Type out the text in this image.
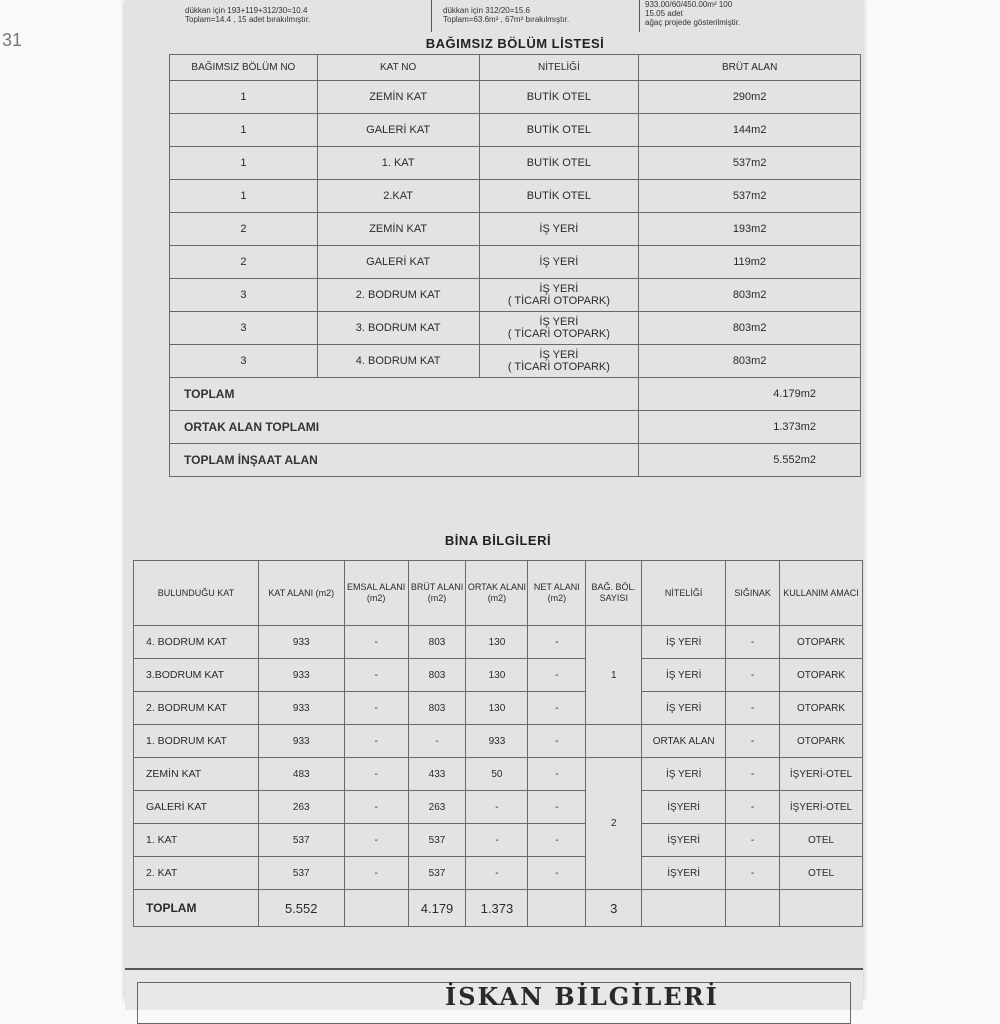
31
dükkan için 193+119+312/30=10.4
Toplam=14.4 , 15 adet bırakılmıştır.
dükkan için 312/20=15.6
Toplam=63.6m² , 67m² bırakılmıştır.
933.00/60/450.00m² 100
15.05 adet
ağaç projede gösterilmiştir.
BAĞIMSIZ BÖLÜM LİSTESİ
BAĞIMSIZ BÖLÜM NO	KAT NO	NİTELİĞİ	BRÜT ALAN
1	ZEMİN KAT	BUTİK OTEL	290m2
1	GALERİ KAT	BUTİK OTEL	144m2
1	1. KAT	BUTİK OTEL	537m2
1	2.KAT	BUTİK OTEL	537m2
2	ZEMİN KAT	İŞ YERİ	193m2
2	GALERİ KAT	İŞ YERİ	119m2
3	2. BODRUM KAT	İŞ YERİ
( TİCARİ OTOPARK)	803m2
3	3. BODRUM KAT	İŞ YERİ
( TİCARİ OTOPARK)	803m2
3	4. BODRUM KAT	İŞ YERİ
( TİCARİ OTOPARK)	803m2
TOPLAM			4.179m2
ORTAK ALAN TOPLAMI			1.373m2
TOPLAM İNŞAAT ALAN			5.552m2
BİNA BİLGİLERİ
BULUNDUĞU KAT	KAT ALANI (m2)	EMSAL ALANI (m2)	BRÜT ALANI (m2)	ORTAK ALANI (m2)	NET ALANI (m2)	BAĞ. BÖL. SAYISI	NİTELİĞİ	SIĞINAK	KULLANIM AMACI
4. BODRUM KAT	933	-	803	130	-	1	İŞ YERİ	-	OTOPARK
3.BODRUM KAT	933	-	803	130	-		İŞ YERİ	-	OTOPARK
2. BODRUM KAT	933	-	803	130	-		İŞ YERİ	-	OTOPARK
1. BODRUM KAT	933	-	-	933	-		ORTAK ALAN	-	OTOPARK
ZEMİN KAT	483	-	433	50	-	2	İŞ YERİ	-	İŞYERİ-OTEL
GALERİ KAT	263	-	263	-	-		İŞYERİ	-	İŞYERİ-OTEL
1. KAT	537	-	537	-	-		İŞYERİ	-	OTEL
2. KAT	537	-	537	-	-		İŞYERİ	-	OTEL
TOPLAM	5.552		4.179	1.373		3			
İSKAN BİLGİLERİ
